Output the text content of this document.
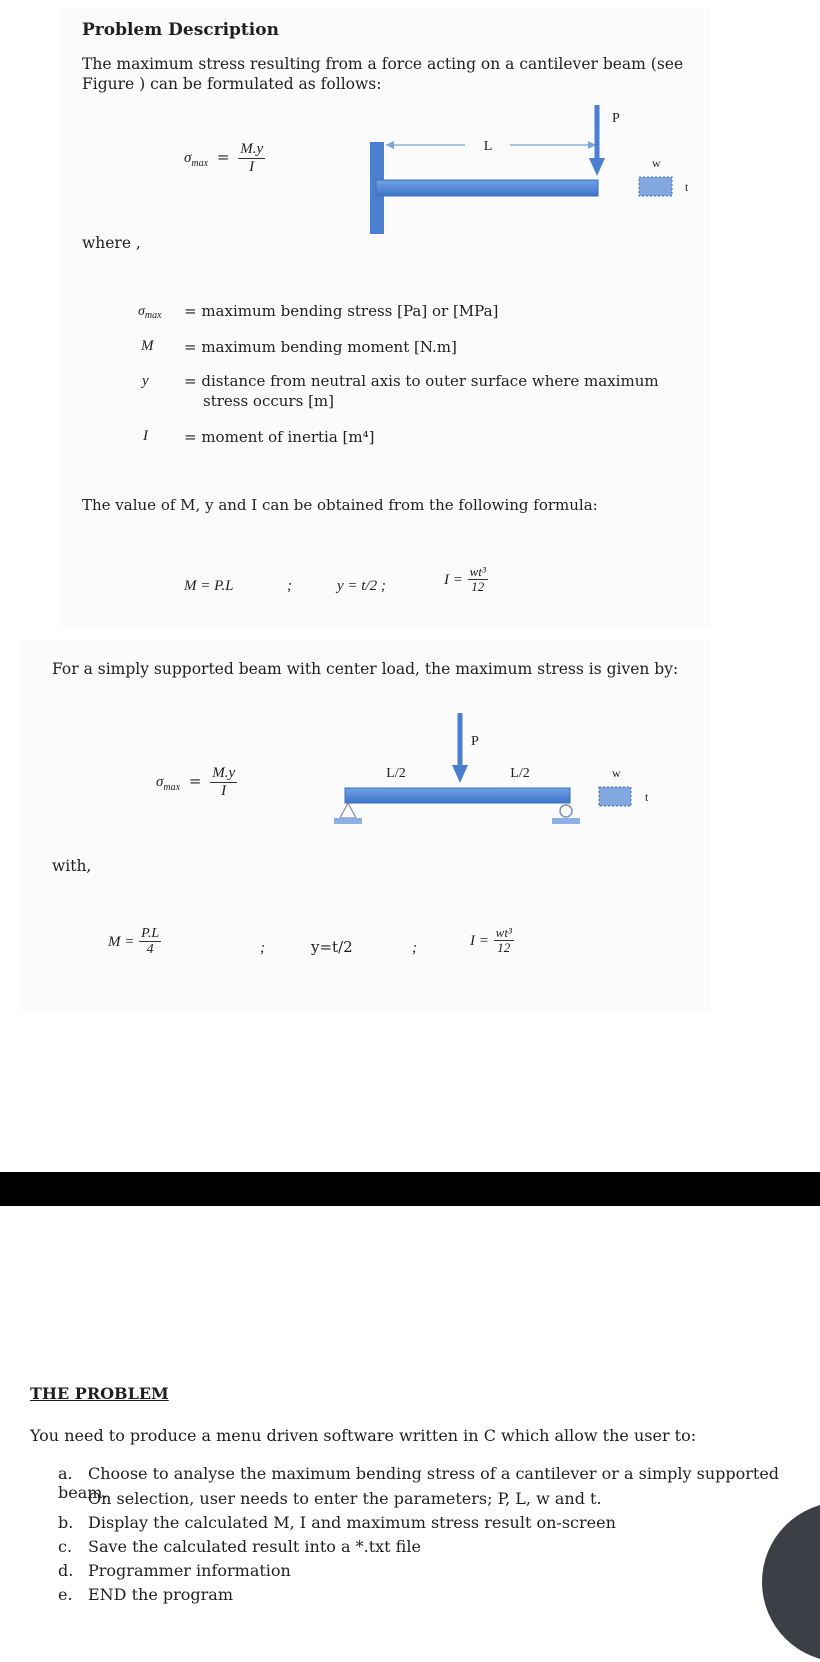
Problem Description
The maximum stress resulting from a force acting on a cantilever beam (see
Figure ) can be formulated as follows:
$\sigma_{max} = \frac{M.y}{I}$	L
P
w
t
where ,
$\sigma_{max}$ = maximum bending stress [Pa] or [MPa]
M = maximum bending moment [N.m]
y = distance from neutral axis to outer surface where maximum
stress occurs [m]
I = moment of inertia [m⁴]
The value of M, y and I can be obtained from the following formula:
M = P.L	;	y = t/2 ;	$I = \frac{\text{wt³}}{12}$
For a simply supported beam with center load, the maximum stress is given by:
$\sigma_{max} = \frac{M.y}{I}$
P
L/2	L/2	w
t
with,
$M = \frac{P.L}{4}$	;	y=t/2	;	$I = \frac{\text{wt³}}{12}$
THE PROBLEM
You need to produce a menu driven software written in C which allow the user to:
a. Choose to analyse the maximum bending stress of a cantilever or a simply supported beam.
On selection, user needs to enter the parameters; P, L, w and t.
b. Display the calculated M, I and maximum stress result on-screen
c. Save the calculated result into a *.txt file
d. Programmer information
e. END the program
